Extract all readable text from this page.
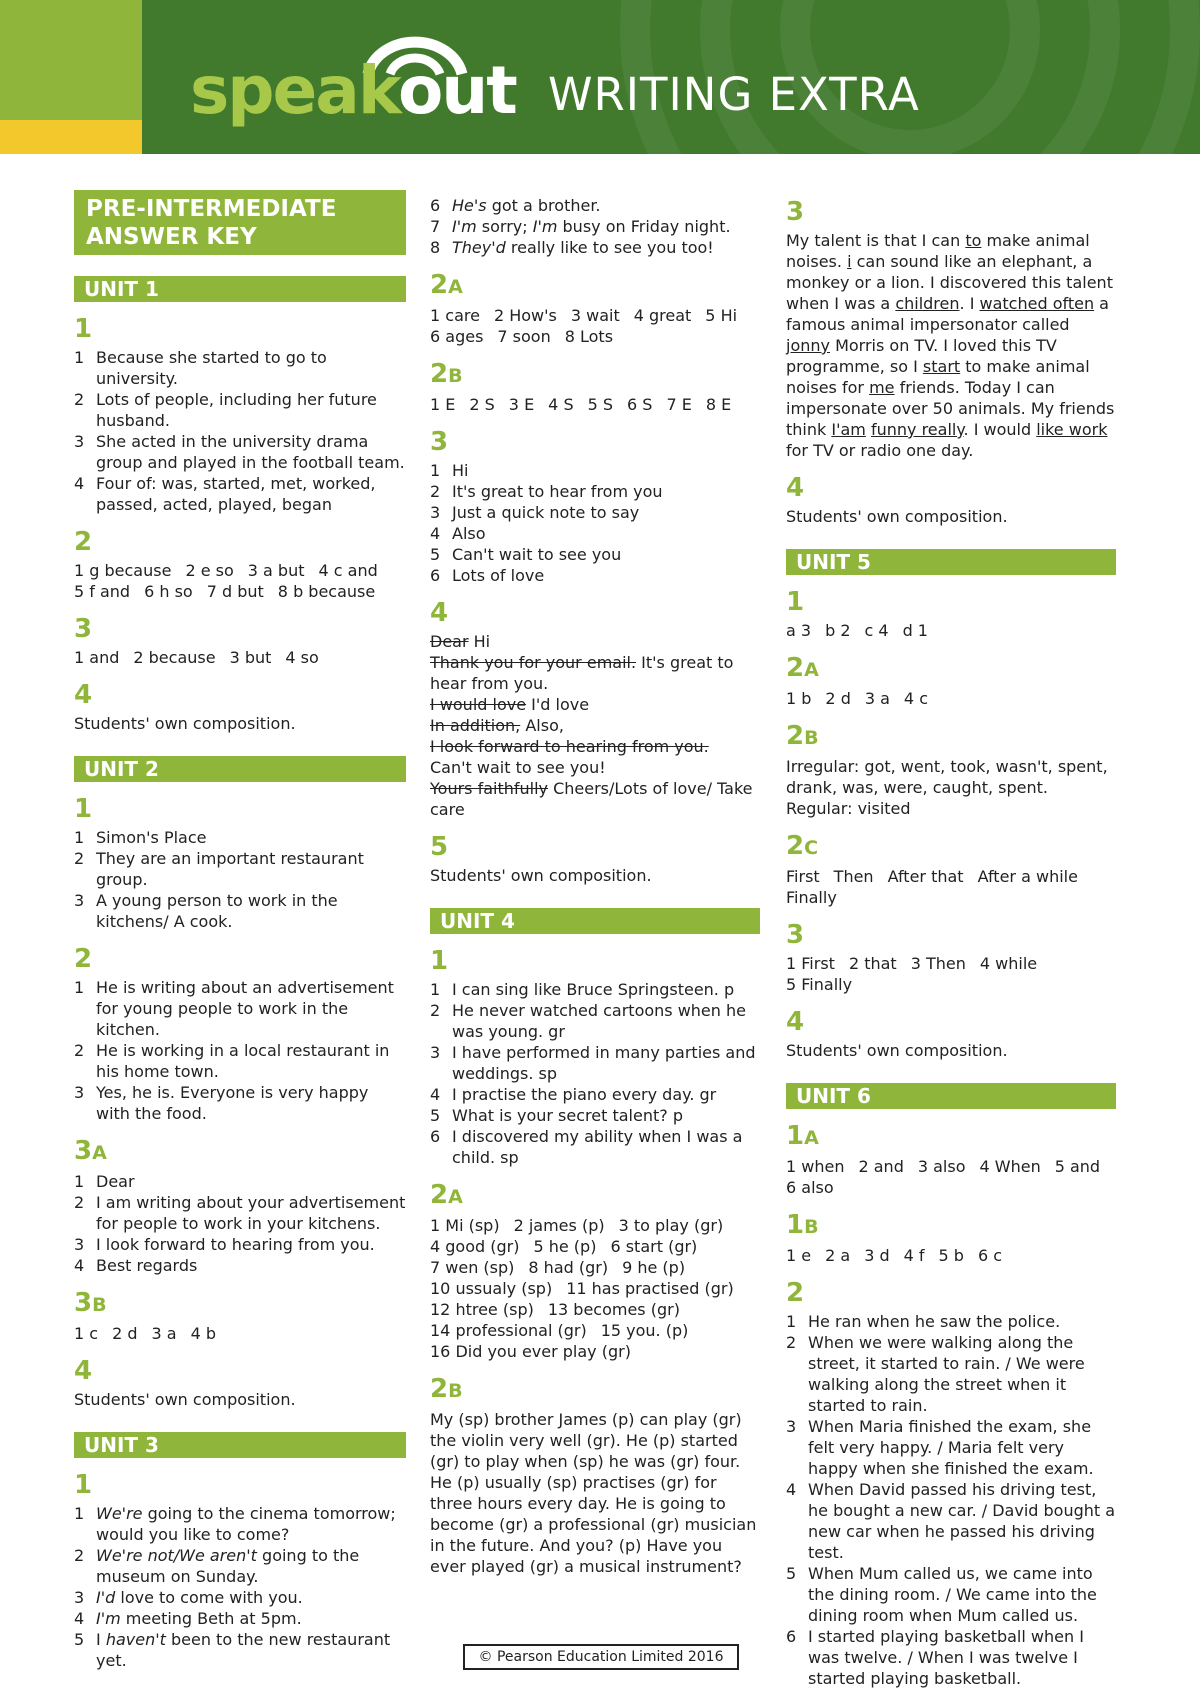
speakout WRITING EXTRA
PRE-INTERMEDIATE
ANSWER KEY
UNIT 1
1
1 Because she started to go to university.
2 Lots of people, including her future husband.
3 She acted in the university drama group and played in the football team.
4 Four of: was, started, met, worked, passed, acted, played, began
2
1 g because 2 e so 3 a but 4 c and
5 f and 6 h so 7 d but 8 b because
3
1 and 2 because 3 but 4 so
4
Students' own composition.
UNIT 2
1
1 Simon's Place
2 They are an important restaurant group.
3 A young person to work in the kitchens/ A cook.
2
1 He is writing about an advertisement for young people to work in the kitchen.
2 He is working in a local restaurant in his home town.
3 Yes, he is. Everyone is very happy with the food.
3A
1 Dear
2 I am writing about your advertisement for people to work in your kitchens.
3 I look forward to hearing from you.
4 Best regards
3B
1 c 2 d 3 a 4 b
4
Students' own composition.
UNIT 3
1
1 We're going to the cinema tomorrow; would you like to come?
2 We're not/We aren't going to the museum on Sunday.
3 I'd love to come with you.
4 I'm meeting Beth at 5pm.
5 I haven't been to the new restaurant yet.
6 He's got a brother.
7 I'm sorry; I'm busy on Friday night.
8 They'd really like to see you too!
2A
1 care 2 How's 3 wait 4 great 5 Hi
6 ages 7 soon 8 Lots
2B
1 E 2 S 3 E 4 S 5 S 6 S 7 E 8 E
3
1 Hi
2 It's great to hear from you
3 Just a quick note to say
4 Also
5 Can't wait to see you
6 Lots of love
4
Dear Hi
Thank you for your email. It's great to hear from you.
I would love I'd love
In addition, Also,
I look forward to hearing from you.
Can't wait to see you!
Yours faithfully Cheers/Lots of love/ Take care
5
Students' own composition.
UNIT 4
1
1 I can sing like Bruce Springsteen. p
2 He never watched cartoons when he was young. gr
3 I have performed in many parties and weddings. sp
4 I practise the piano every day. gr
5 What is your secret talent? p
6 I discovered my ability when I was a child. sp
2A
1 Mi (sp) 2 james (p) 3 to play (gr)
4 good (gr) 5 he (p) 6 start (gr)
7 wen (sp) 8 had (gr) 9 he (p)
10 ussualy (sp) 11 has practised (gr)
12 htree (sp) 13 becomes (gr)
14 professional (gr) 15 you. (p)
16 Did you ever play (gr)
2B
My (sp) brother James (p) can play (gr) the violin very well (gr). He (p) started (gr) to play when (sp) he was (gr) four. He (p) usually (sp) practises (gr) for three hours every day. He is going to become (gr) a professional (gr) musician in the future. And you? (p) Have you ever played (gr) a musical instrument?
3
My talent is that I can to make animal noises. i can sound like an elephant, a monkey or a lion. I discovered this talent when I was a children. I watched often a famous animal impersonator called jonny Morris on TV. I loved this TV programme, so I start to make animal noises for me friends. Today I can impersonate over 50 animals. My friends think I'am funny really. I would like work for TV or radio one day.
4
Students' own composition.
UNIT 5
1
a 3 b 2 c 4 d 1
2A
1 b 2 d 3 a 4 c
2B
Irregular: got, went, took, wasn't, spent, drank, was, were, caught, spent.
Regular: visited
2C
First Then After that After a while
Finally
3
1 First 2 that 3 Then 4 while
5 Finally
4
Students' own composition.
UNIT 6
1A
1 when 2 and 3 also 4 When 5 and
6 also
1B
1 e 2 a 3 d 4 f 5 b 6 c
2
1 He ran when he saw the police.
2 When we were walking along the street, it started to rain. / We were walking along the street when it started to rain.
3 When Maria finished the exam, she felt very happy. / Maria felt very happy when she finished the exam.
4 When David passed his driving test, he bought a new car. / David bought a new car when he passed his driving test.
5 When Mum called us, we came into the dining room. / We came into the dining room when Mum called us.
6 I started playing basketball when I was twelve. / When I was twelve I started playing basketball.
© Pearson Education Limited 2016
